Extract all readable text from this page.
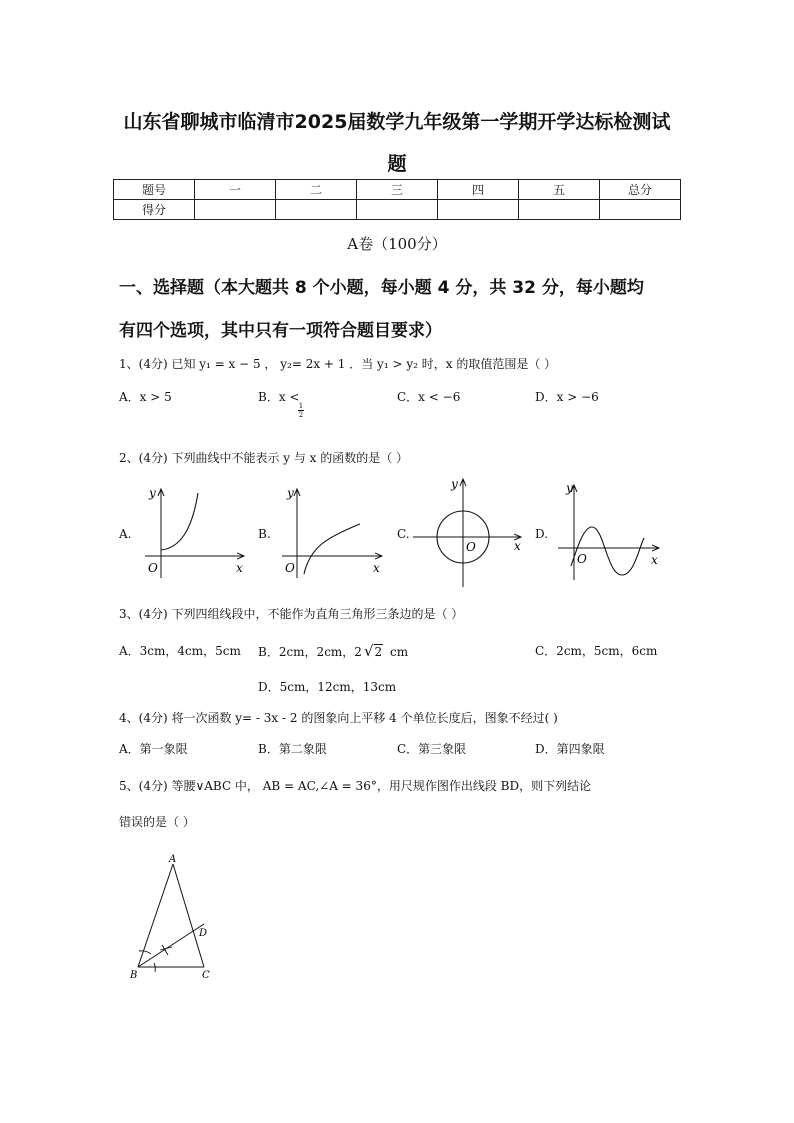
山东省聊城市临清市2025届数学九年级第一学期开学达标检测试
题
题号	一	二	三	四	五	总分
得分						
A卷（100分）
一、选择题（本大题共 8 个小题，每小题 4 分，共 32 分，每小题均
有四个选项，其中只有一项符合题目要求）
1、(4分) 已知 y₁ = x − 5 ， y₂= 2x + 1 ．当 y₁ > y₂ 时，x 的取值范围是（ ）
A．x > 5	B．x <
1
2
C．x < −6	D．x > −6
2、(4分) 下列曲线中不能表示 y 与 x 的函数的是（ ）
A.	B.	C.	D.
y
x
O
y
x
O
y
x
O
y
x
O
A
B	C
D
3、(4分) 下列四组线段中，不能作为直角三角形三条边的是（ ）
A．3cm，4cm，5cm B．2cm，2cm，2 √2 cm	C．2cm，5cm，6cm
D．5cm，12cm，13cm
4、(4分) 将一次函数 y= - 3x - 2 的图象向上平移 4 个单位长度后，图象不经过( )
A．第一象限	B．第二象限	C．第三象限	D．第四象限
5、(4分) 等腰∨ABC 中， AB = AC,∠A = 36°，用尺规作图作出线段 BD，则下列结论
错误的是（ ）
